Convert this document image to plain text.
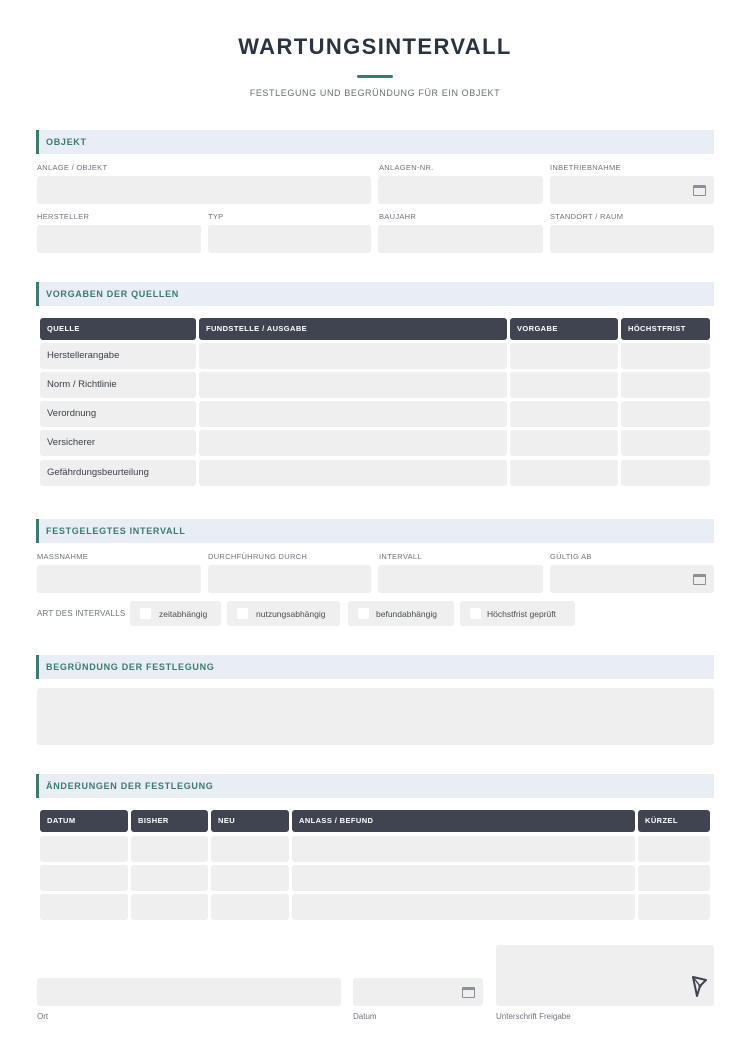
WARTUNGSINTERVALL
FESTLEGUNG UND BEGRÜNDUNG FÜR EIN OBJEKT
OBJEKT
ANLAGE / OBJEKT	ANLAGEN-NR.	INBETRIEBNAHME
HERSTELLER	TYP	BAUJAHR	STANDORT / RAUM
VORGABEN DER QUELLEN
QUELLE	FUNDSTELLE / AUSGABE	VORGABE	HÖCHSTFRIST
Herstellerangabe
Norm / Richtlinie
Verordnung
Versicherer
Gefährdungsbeurteilung
FESTGELEGTES INTERVALL
MASSNAHME	DURCHFÜHRUNG DURCH	INTERVALL	GÜLTIG AB
ART DES INTERVALLS	zeitabhängig	nutzungsabhängig	befundabhängig	Höchstfrist geprüft
BEGRÜNDUNG DER FESTLEGUNG
ÄNDERUNGEN DER FESTLEGUNG
DATUM	BISHER	NEU	ANLASS / BEFUND	KÜRZEL
Ort	Datum	Unterschrift Freigabe
